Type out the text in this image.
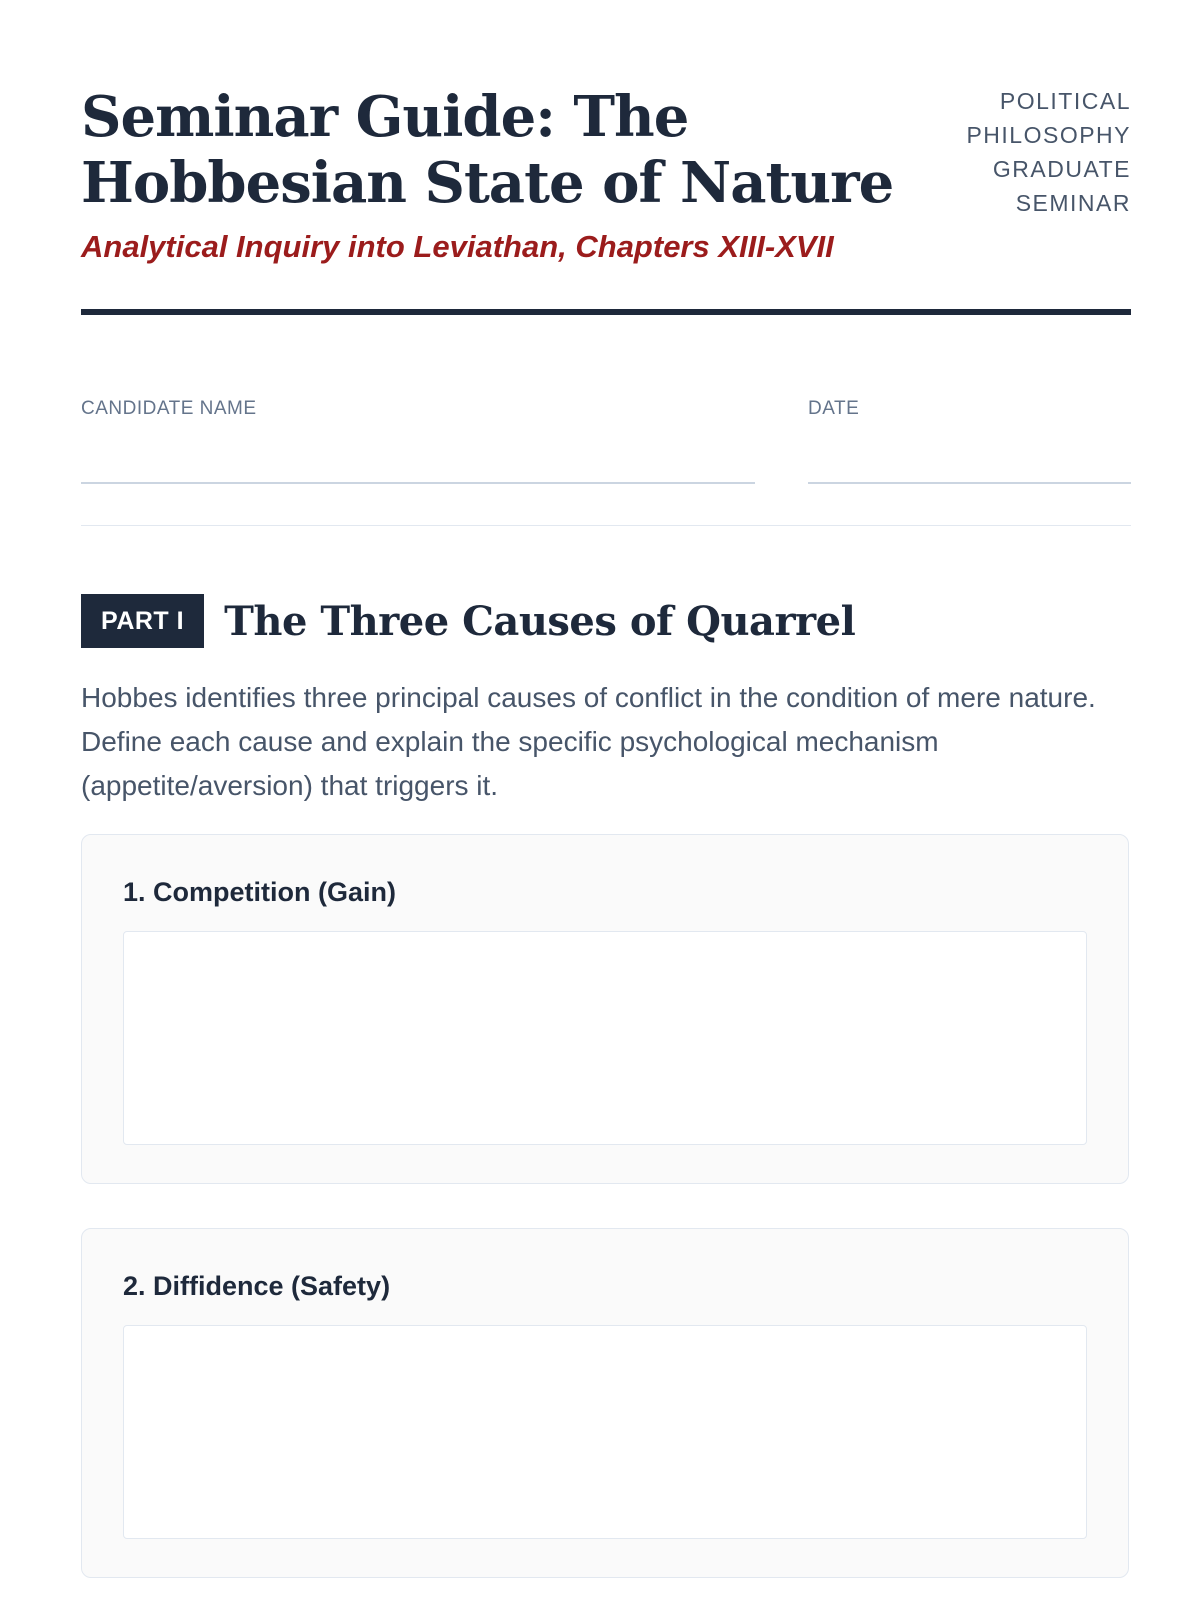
Seminar Guide: The Hobbesian State of Nature
Analytical Inquiry into Leviathan, Chapters XIII-XVII
POLITICAL
PHILOSOPHY
GRADUATE
SEMINAR
CANDIDATE NAME	DATE
PART I	The Three Causes of Quarrel

Hobbes identifies three principal causes of conflict in the condition of mere nature. Define each cause and explain the specific psychological mechanism (appetite/aversion) that triggers it.

1. Competition (Gain)
2. Diffidence (Safety)
